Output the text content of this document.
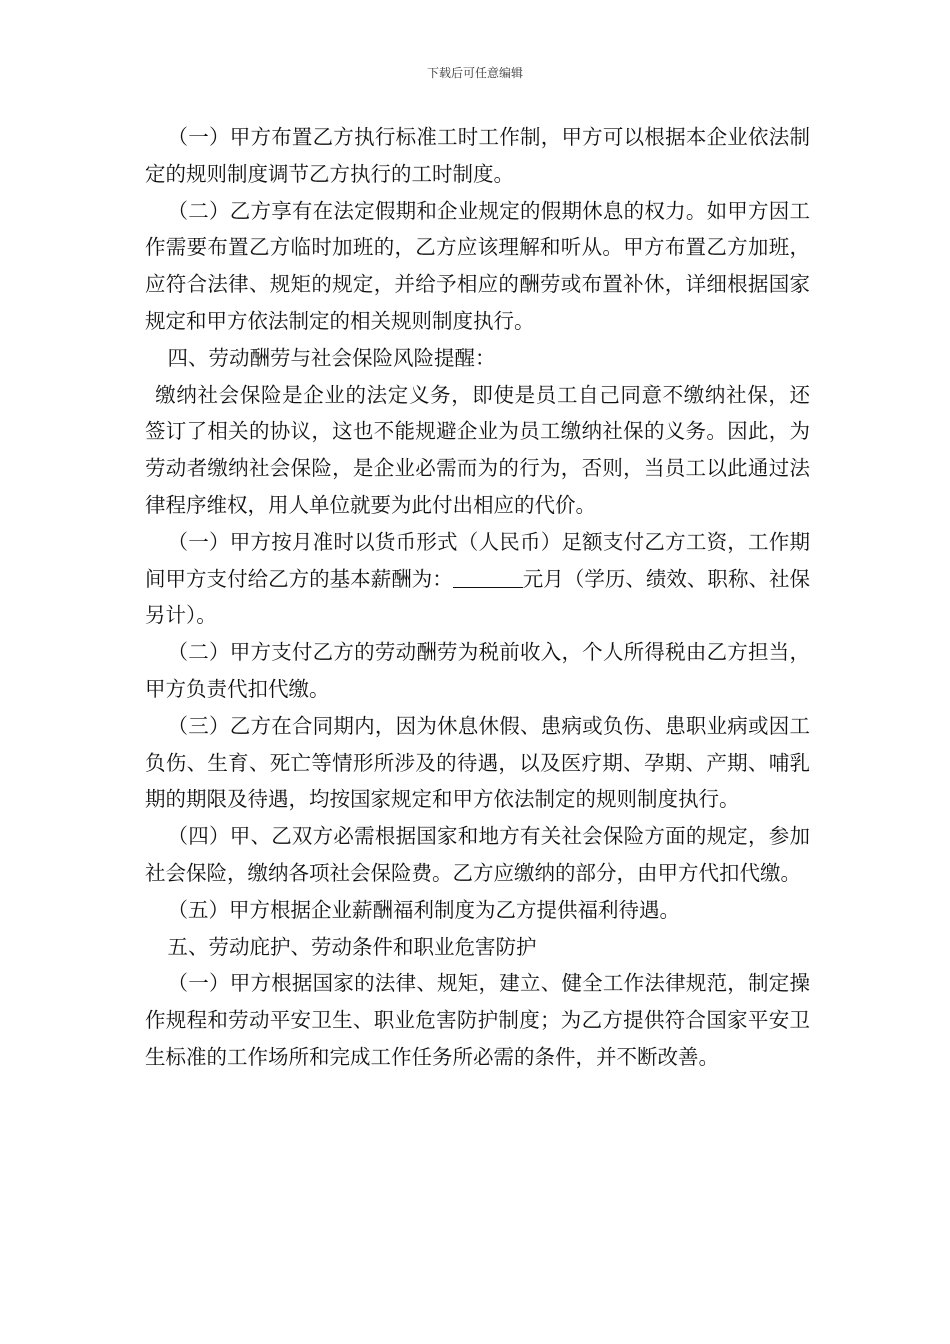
下载后可任意编辑

（一）甲方布置乙方执行标准工时工作制，甲方可以根据本企业依法制定的规则制度调节乙方执行的工时制度。

（二）乙方享有在法定假期和企业规定的假期休息的权力。如甲方因工作需要布置乙方临时加班的，乙方应该理解和听从。甲方布置乙方加班，应符合法律、规矩的规定，并给予相应的酬劳或布置补休，详细根据国家规定和甲方依法制定的相关规则制度执行。

四、劳动酬劳与社会保险风险提醒：

缴纳社会保险是企业的法定义务，即使是员工自己同意不缴纳社保，还签订了相关的协议，这也不能规避企业为员工缴纳社保的义务。因此，为劳动者缴纳社会保险，是企业必需而为的行为，否则，当员工以此通过法律程序维权，用人单位就要为此付出相应的代价。

（一）甲方按月准时以货币形式（人民币）足额支付乙方工资，工作期间甲方支付给乙方的基本薪酬为：	元月（学历、绩效、职称、社保另计）。

（二）甲方支付乙方的劳动酬劳为税前收入，个人所得税由乙方担当，甲方负责代扣代缴。

（三）乙方在合同期内，因为休息休假、患病或负伤、患职业病或因工负伤、生育、死亡等情形所涉及的待遇，以及医疗期、孕期、产期、哺乳期的期限及待遇，均按国家规定和甲方依法制定的规则制度执行。

（四）甲、乙双方必需根据国家和地方有关社会保险方面的规定，参加社会保险，缴纳各项社会保险费。乙方应缴纳的部分，由甲方代扣代缴。

（五）甲方根据企业薪酬福利制度为乙方提供福利待遇。

五、劳动庇护、劳动条件和职业危害防护

（一）甲方根据国家的法律、规矩，建立、健全工作法律规范，制定操作规程和劳动平安卫生、职业危害防护制度；为乙方提供符合国家平安卫生标准的工作场所和完成工作任务所必需的条件，并不断改善。
